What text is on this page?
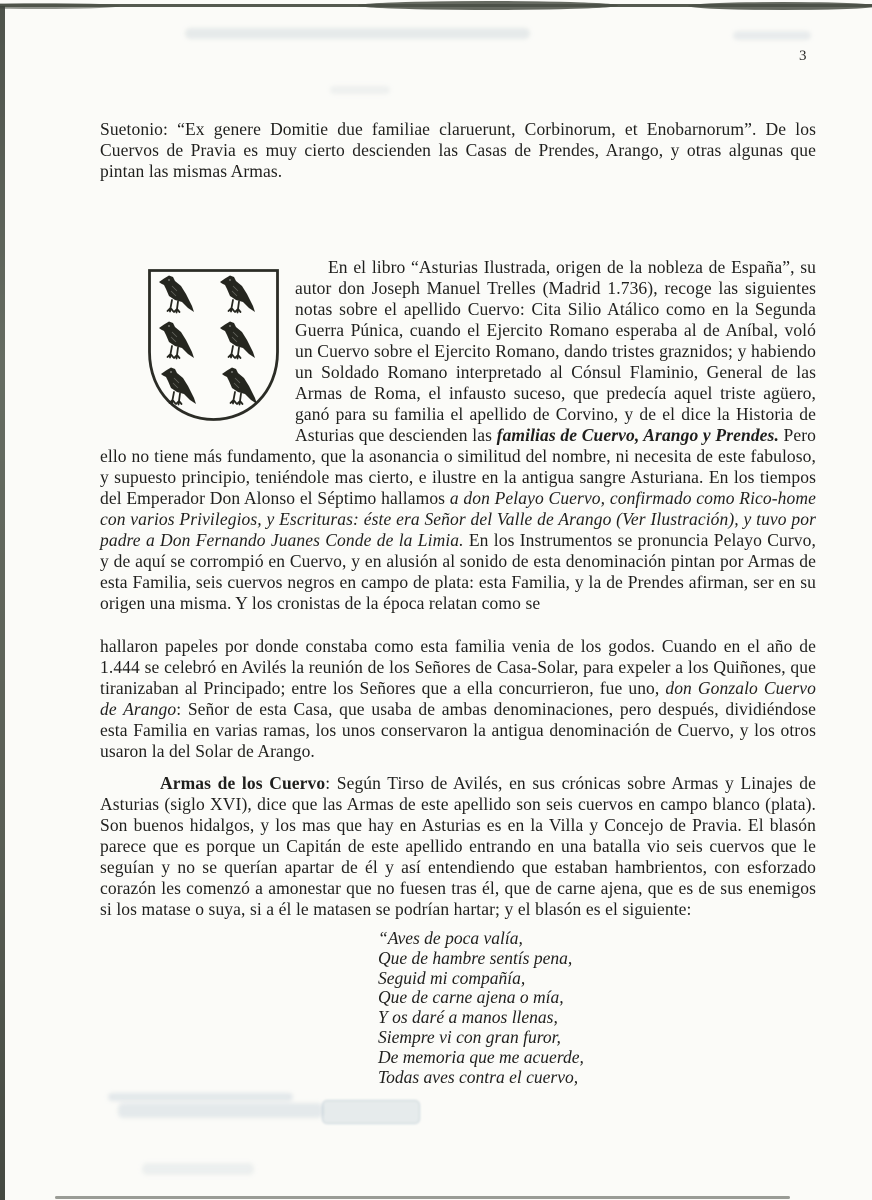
3

Suetonio: “Ex genere Domitie due familiae claruerunt, Corbinorum, et Enobarnorum”. De los Cuervos de Pravia es muy cierto descienden las Casas de Prendes, Arango, y otras algunas que pintan las mismas Armas.

En el libro “Asturias Ilustrada, origen de la nobleza de España”, su autor don Joseph Manuel Trelles (Madrid 1.736), recoge las siguientes notas sobre el apellido Cuervo: Cita Silio Atálico como en la Segunda Guerra Púnica, cuando el Ejercito Romano esperaba al de Aníbal, voló un Cuervo sobre el Ejercito Romano, dando tristes graznidos; y habiendo un Soldado Romano interpretado al Cónsul Flaminio, General de las Armas de Roma, el infausto suceso, que predecía aquel triste agüero, ganó para su familia el apellido de Corvino, y de el dice la Historia de Asturias que descienden las familias de Cuervo, Arango y Prendes. Pero ello no tiene más fundamento, que la asonancia o similitud del nombre, ni necesita de este fabuloso, y supuesto principio, teniéndole mas cierto, e ilustre en la antigua sangre Asturiana. En los tiempos del Emperador Don Alonso el Séptimo hallamos a don Pelayo Cuervo, confirmado como Rico-home con varios Privilegios, y Escrituras: éste era Señor del Valle de Arango (Ver Ilustración), y tuvo por padre a Don Fernando Juanes Conde de la Limia. En los Instrumentos se pronuncia Pelayo Curvo, y de aquí se corrompió en Cuervo, y en alusión al sonido de esta denominación pintan por Armas de esta Familia, seis cuervos negros en campo de plata: esta Familia, y la de Prendes afirman, ser en su origen una misma. Y los cronistas de la época relatan como se

hallaron papeles por donde constaba como esta familia venia de los godos. Cuando en el año de 1.444 se celebró en Avilés la reunión de los Señores de Casa-Solar, para expeler a los Quiñones, que tiranizaban al Principado; entre los Señores que a ella concurrieron, fue uno, don Gonzalo Cuervo de Arango: Señor de esta Casa, que usaba de ambas denominaciones, pero después, dividiéndose esta Familia en varias ramas, los unos conservaron la antigua denominación de Cuervo, y los otros usaron la del Solar de Arango.

Armas de los Cuervo: Según Tirso de Avilés, en sus crónicas sobre Armas y Linajes de Asturias (siglo XVI), dice que las Armas de este apellido son seis cuervos en campo blanco (plata). Son buenos hidalgos, y los mas que hay en Asturias es en la Villa y Concejo de Pravia. El blasón parece que es porque un Capitán de este apellido entrando en una batalla vio seis cuervos que le seguían y no se querían apartar de él y así entendiendo que estaban hambrientos, con esforzado corazón les comenzó a amonestar que no fuesen tras él, que de carne ajena, que es de sus enemigos si los matase o suya, si a él le matasen se podrían hartar; y el blasón es el siguiente:

“Aves de poca valía,
Que de hambre sentís pena,
Seguid mi compañía,
Que de carne ajena o mía,
Y os daré a manos llenas,
Siempre vi con gran furor,
De memoria que me acuerde,
Todas aves contra el cuervo,
